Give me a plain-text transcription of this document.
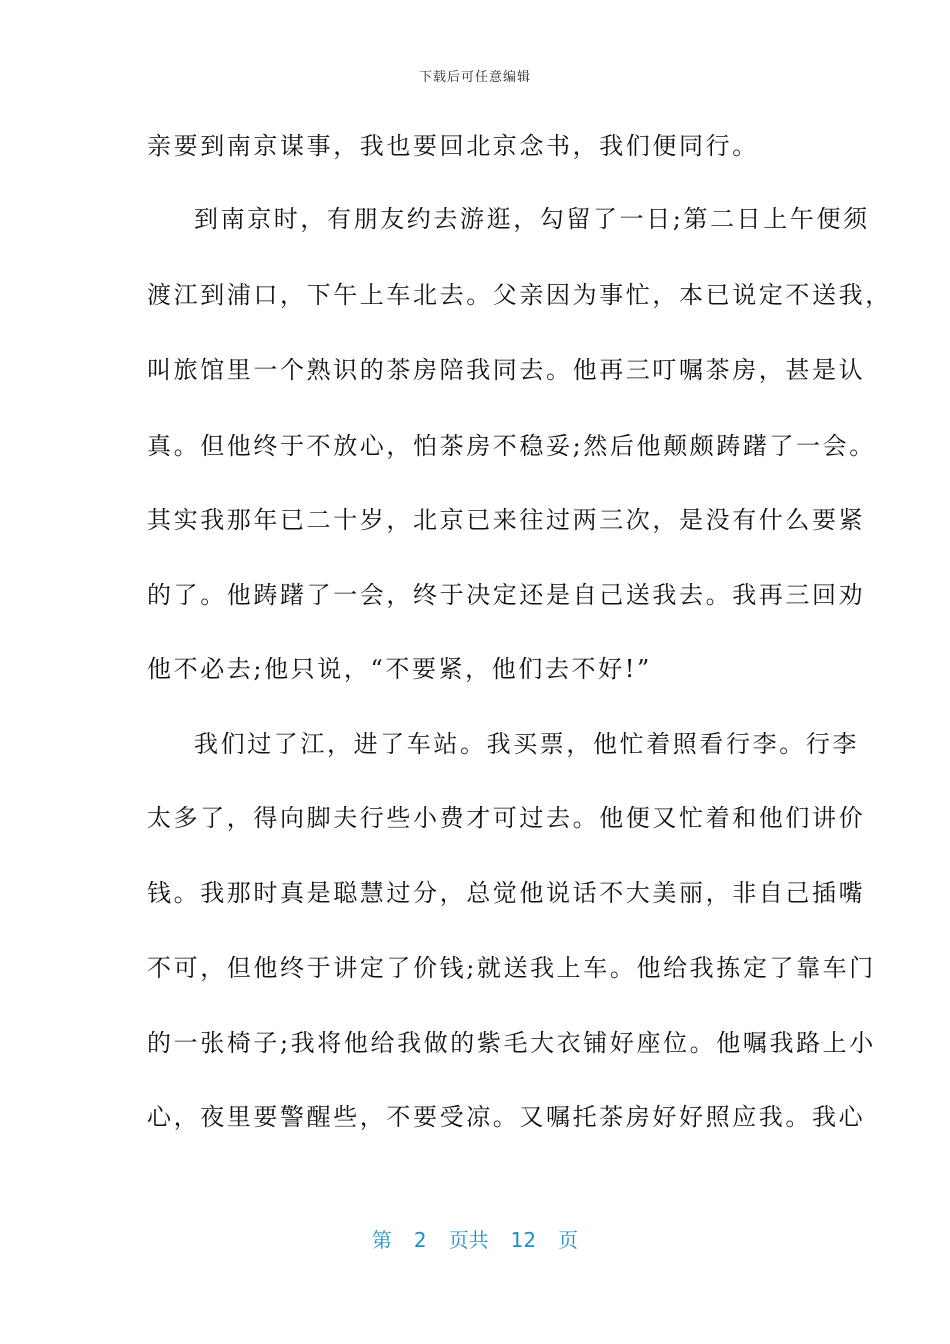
下载后可任意编辑
亲要到南京谋事，我也要回北京念书，我们便同行。
到南京时，有朋友约去游逛，勾留了一日;第二日上午便须
渡江到浦口，下午上车北去。父亲因为事忙，本已说定不送我，
叫旅馆里一个熟识的茶房陪我同去。他再三叮嘱茶房，甚是认
真。但他终于不放心，怕茶房不稳妥;然后他颠颇踌躇了一会。
其实我那年已二十岁，北京已来往过两三次，是没有什么要紧
的了。他踌躇了一会，终于决定还是自己送我去。我再三回劝
他不必去;他只说，“不要紧，他们去不好!”
我们过了江，进了车站。我买票，他忙着照看行李。行李
太多了，得向脚夫行些小费才可过去。他便又忙着和他们讲价
钱。我那时真是聪慧过分，总觉他说话不大美丽，非自己插嘴
不可，但他终于讲定了价钱;就送我上车。他给我拣定了靠车门
的一张椅子;我将他给我做的紫毛大衣铺好座位。他嘱我路上小
心，夜里要警醒些，不要受凉。又嘱托茶房好好照应我。我心
第 2 页共 12 页
